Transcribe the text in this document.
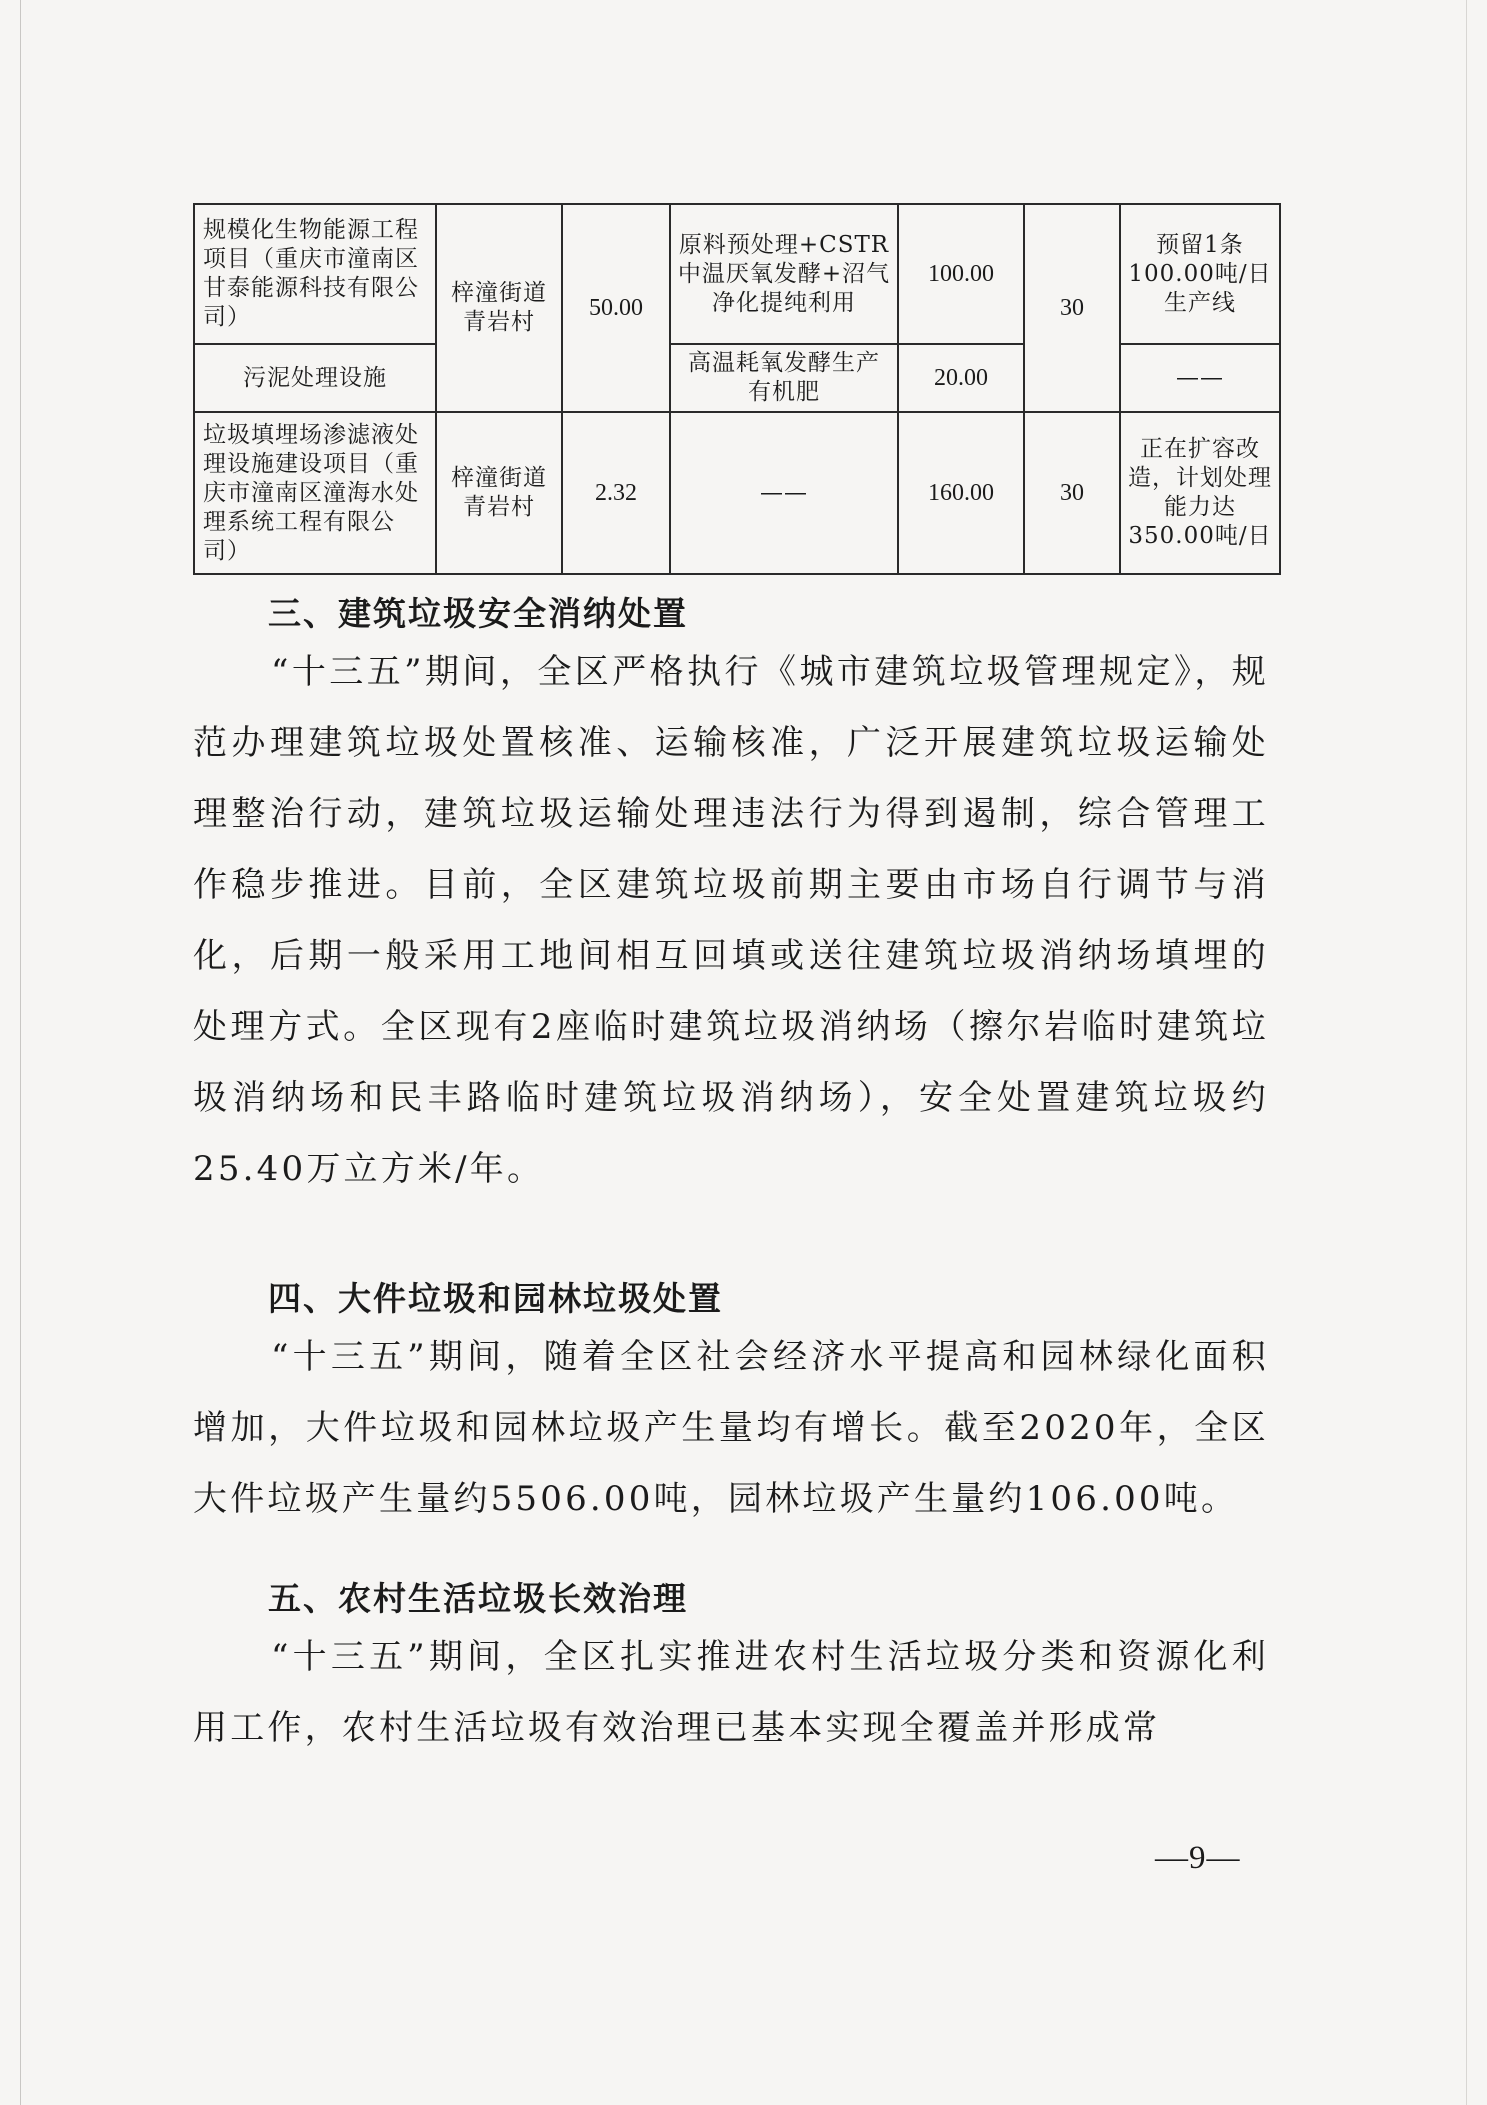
规模化生物能源工程项目（重庆市潼南区甘泰能源科技有限公司）	梓潼街道青岩村	50.00	原料预处理+CSTR中温厌氧发酵+沼气净化提纯利用	100.00	30	预留1条100.00吨/日生产线
污泥处理设施			高温耗氧发酵生产有机肥	20.00		——
垃圾填埋场渗滤液处理设施建设项目（重庆市潼南区潼海水处理系统工程有限公司）	梓潼街道青岩村	2.32	——	160.00	30	正在扩容改造，计划处理能力达350.00吨/日
三、建筑垃圾安全消纳处置
“十三五”期间，全区严格执行《城市建筑垃圾管理规定》，规范办理建筑垃圾处置核准、运输核准，广泛开展建筑垃圾运输处理整治行动，建筑垃圾运输处理违法行为得到遏制，综合管理工作稳步推进。目前，全区建筑垃圾前期主要由市场自行调节与消化，后期一般采用工地间相互回填或送往建筑垃圾消纳场填埋的处理方式。全区现有2座临时建筑垃圾消纳场（擦尔岩临时建筑垃圾消纳场和民丰路临时建筑垃圾消纳场），安全处置建筑垃圾约25.40万立方米/年。
四、大件垃圾和园林垃圾处置
“十三五”期间，随着全区社会经济水平提高和园林绿化面积增加，大件垃圾和园林垃圾产生量均有增长。截至2020年，全区大件垃圾产生量约5506.00吨，园林垃圾产生量约106.00吨。
五、农村生活垃圾长效治理
“十三五”期间，全区扎实推进农村生活垃圾分类和资源化利用工作，农村生活垃圾有效治理已基本实现全覆盖并形成常
—9—
